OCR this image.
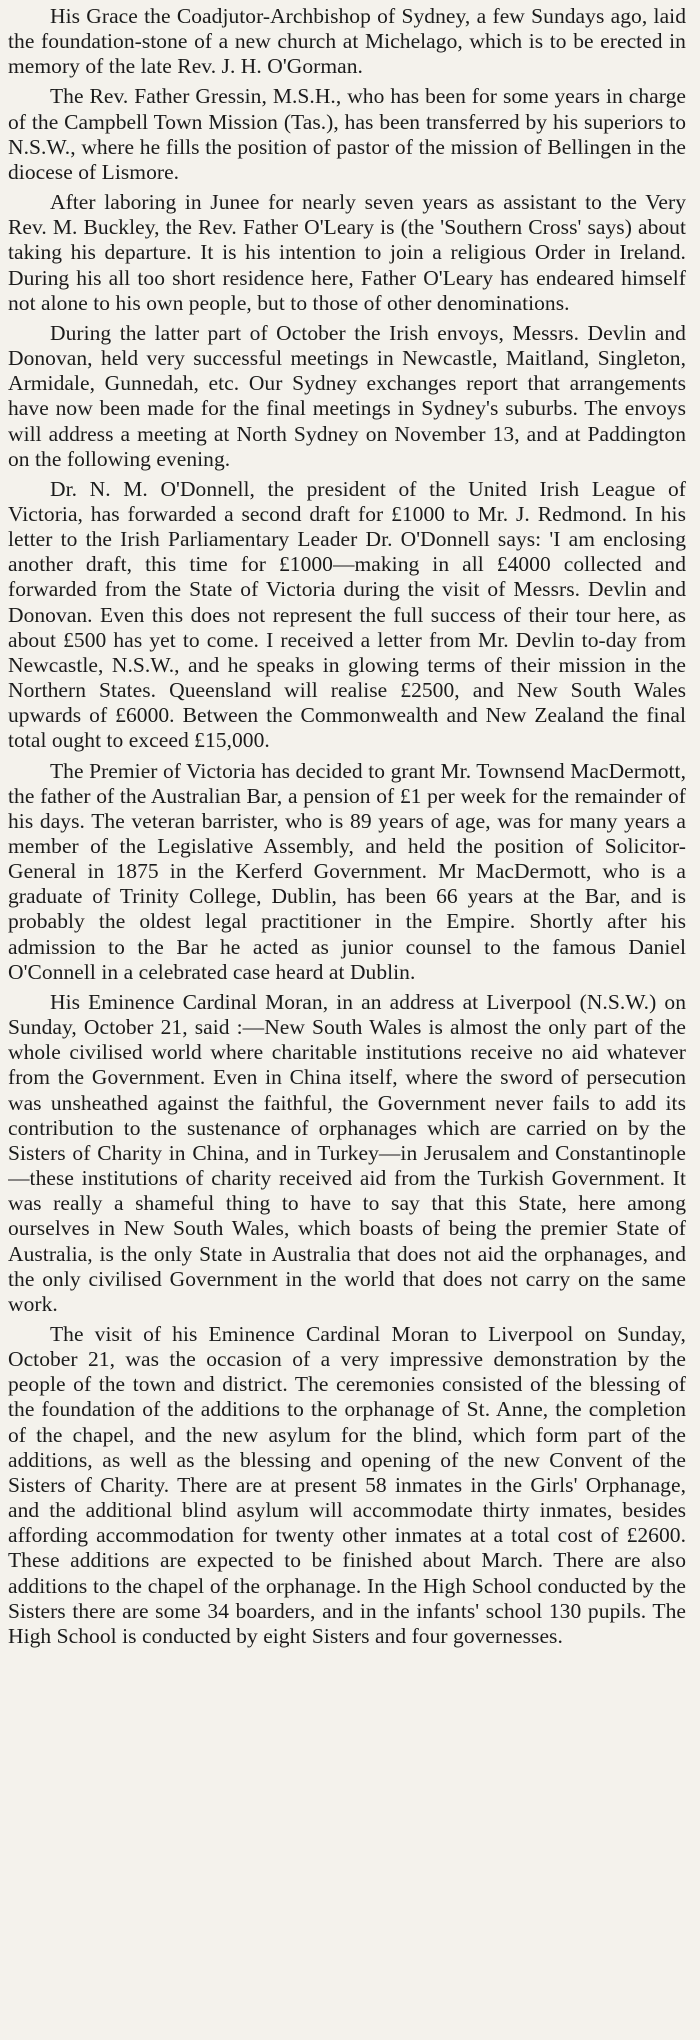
His Grace the Coadjutor-Archbishop of Sydney, a few Sundays ago, laid the foundation-stone of a new church at Michelago, which is to be erected in memory of the late Rev. J. H. O'Gorman.

The Rev. Father Gressin, M.S.H., who has been for some years in charge of the Campbell Town Mission (Tas.), has been transferred by his superiors to N.S.W., where he fills the position of pastor of the mission of Bellingen in the diocese of Lismore.

After laboring in Junee for nearly seven years as assistant to the Very Rev. M. Buckley, the Rev. Father O'Leary is (the 'Southern Cross' says) about taking his departure. It is his intention to join a religious Order in Ireland. During his all too short residence here, Father O'Leary has endeared himself not alone to his own people, but to those of other denominations.

During the latter part of October the Irish envoys, Messrs. Devlin and Donovan, held very successful meetings in Newcastle, Maitland, Singleton, Armidale, Gunnedah, etc. Our Sydney exchanges report that arrangements have now been made for the final meetings in Sydney's suburbs. The envoys will address a meeting at North Sydney on November 13, and at Paddington on the following evening.

Dr. N. M. O'Donnell, the president of the United Irish League of Victoria, has forwarded a second draft for £1000 to Mr. J. Redmond. In his letter to the Irish Parliamentary Leader Dr. O'Donnell says: 'I am enclosing another draft, this time for £1000—making in all £4000 collected and forwarded from the State of Victoria during the visit of Messrs. Devlin and Donovan. Even this does not represent the full success of their tour here, as about £500 has yet to come. I received a letter from Mr. Devlin to-day from Newcastle, N.S.W., and he speaks in glowing terms of their mission in the Northern States. Queensland will realise £2500, and New South Wales upwards of £6000. Between the Commonwealth and New Zealand the final total ought to exceed £15,000.

The Premier of Victoria has decided to grant Mr. Townsend MacDermott, the father of the Australian Bar, a pension of £1 per week for the remainder of his days. The veteran barrister, who is 89 years of age, was for many years a member of the Legislative Assembly, and held the position of Solicitor-General in 1875 in the Kerferd Government. Mr MacDermott, who is a graduate of Trinity College, Dublin, has been 66 years at the Bar, and is probably the oldest legal practitioner in the Empire. Shortly after his admission to the Bar he acted as junior counsel to the famous Daniel O'Connell in a celebrated case heard at Dublin.

His Eminence Cardinal Moran, in an address at Liverpool (N.S.W.) on Sunday, October 21, said :—New South Wales is almost the only part of the whole civilised world where charitable institutions receive no aid whatever from the Government. Even in China itself, where the sword of persecution was unsheathed against the faithful, the Government never fails to add its contribution to the sustenance of orphanages which are carried on by the Sisters of Charity in China, and in Turkey—in Jerusalem and Constantinople—these institutions of charity received aid from the Turkish Government. It was really a shameful thing to have to say that this State, here among ourselves in New South Wales, which boasts of being the premier State of Australia, is the only State in Australia that does not aid the orphanages, and the only civilised Government in the world that does not carry on the same work.

The visit of his Eminence Cardinal Moran to Liverpool on Sunday, October 21, was the occasion of a very impressive demonstration by the people of the town and district. The ceremonies consisted of the blessing of the foundation of the additions to the orphanage of St. Anne, the completion of the chapel, and the new asylum for the blind, which form part of the additions, as well as the blessing and opening of the new Convent of the Sisters of Charity. There are at present 58 inmates in the Girls' Orphanage, and the additional blind asylum will accommodate thirty inmates, besides affording accommodation for twenty other inmates at a total cost of £2600. These additions are expected to be finished about March. There are also additions to the chapel of the orphanage. In the High School conducted by the Sisters there are some 34 boarders, and in the infants' school 130 pupils. The High School is conducted by eight Sisters and four governesses.
